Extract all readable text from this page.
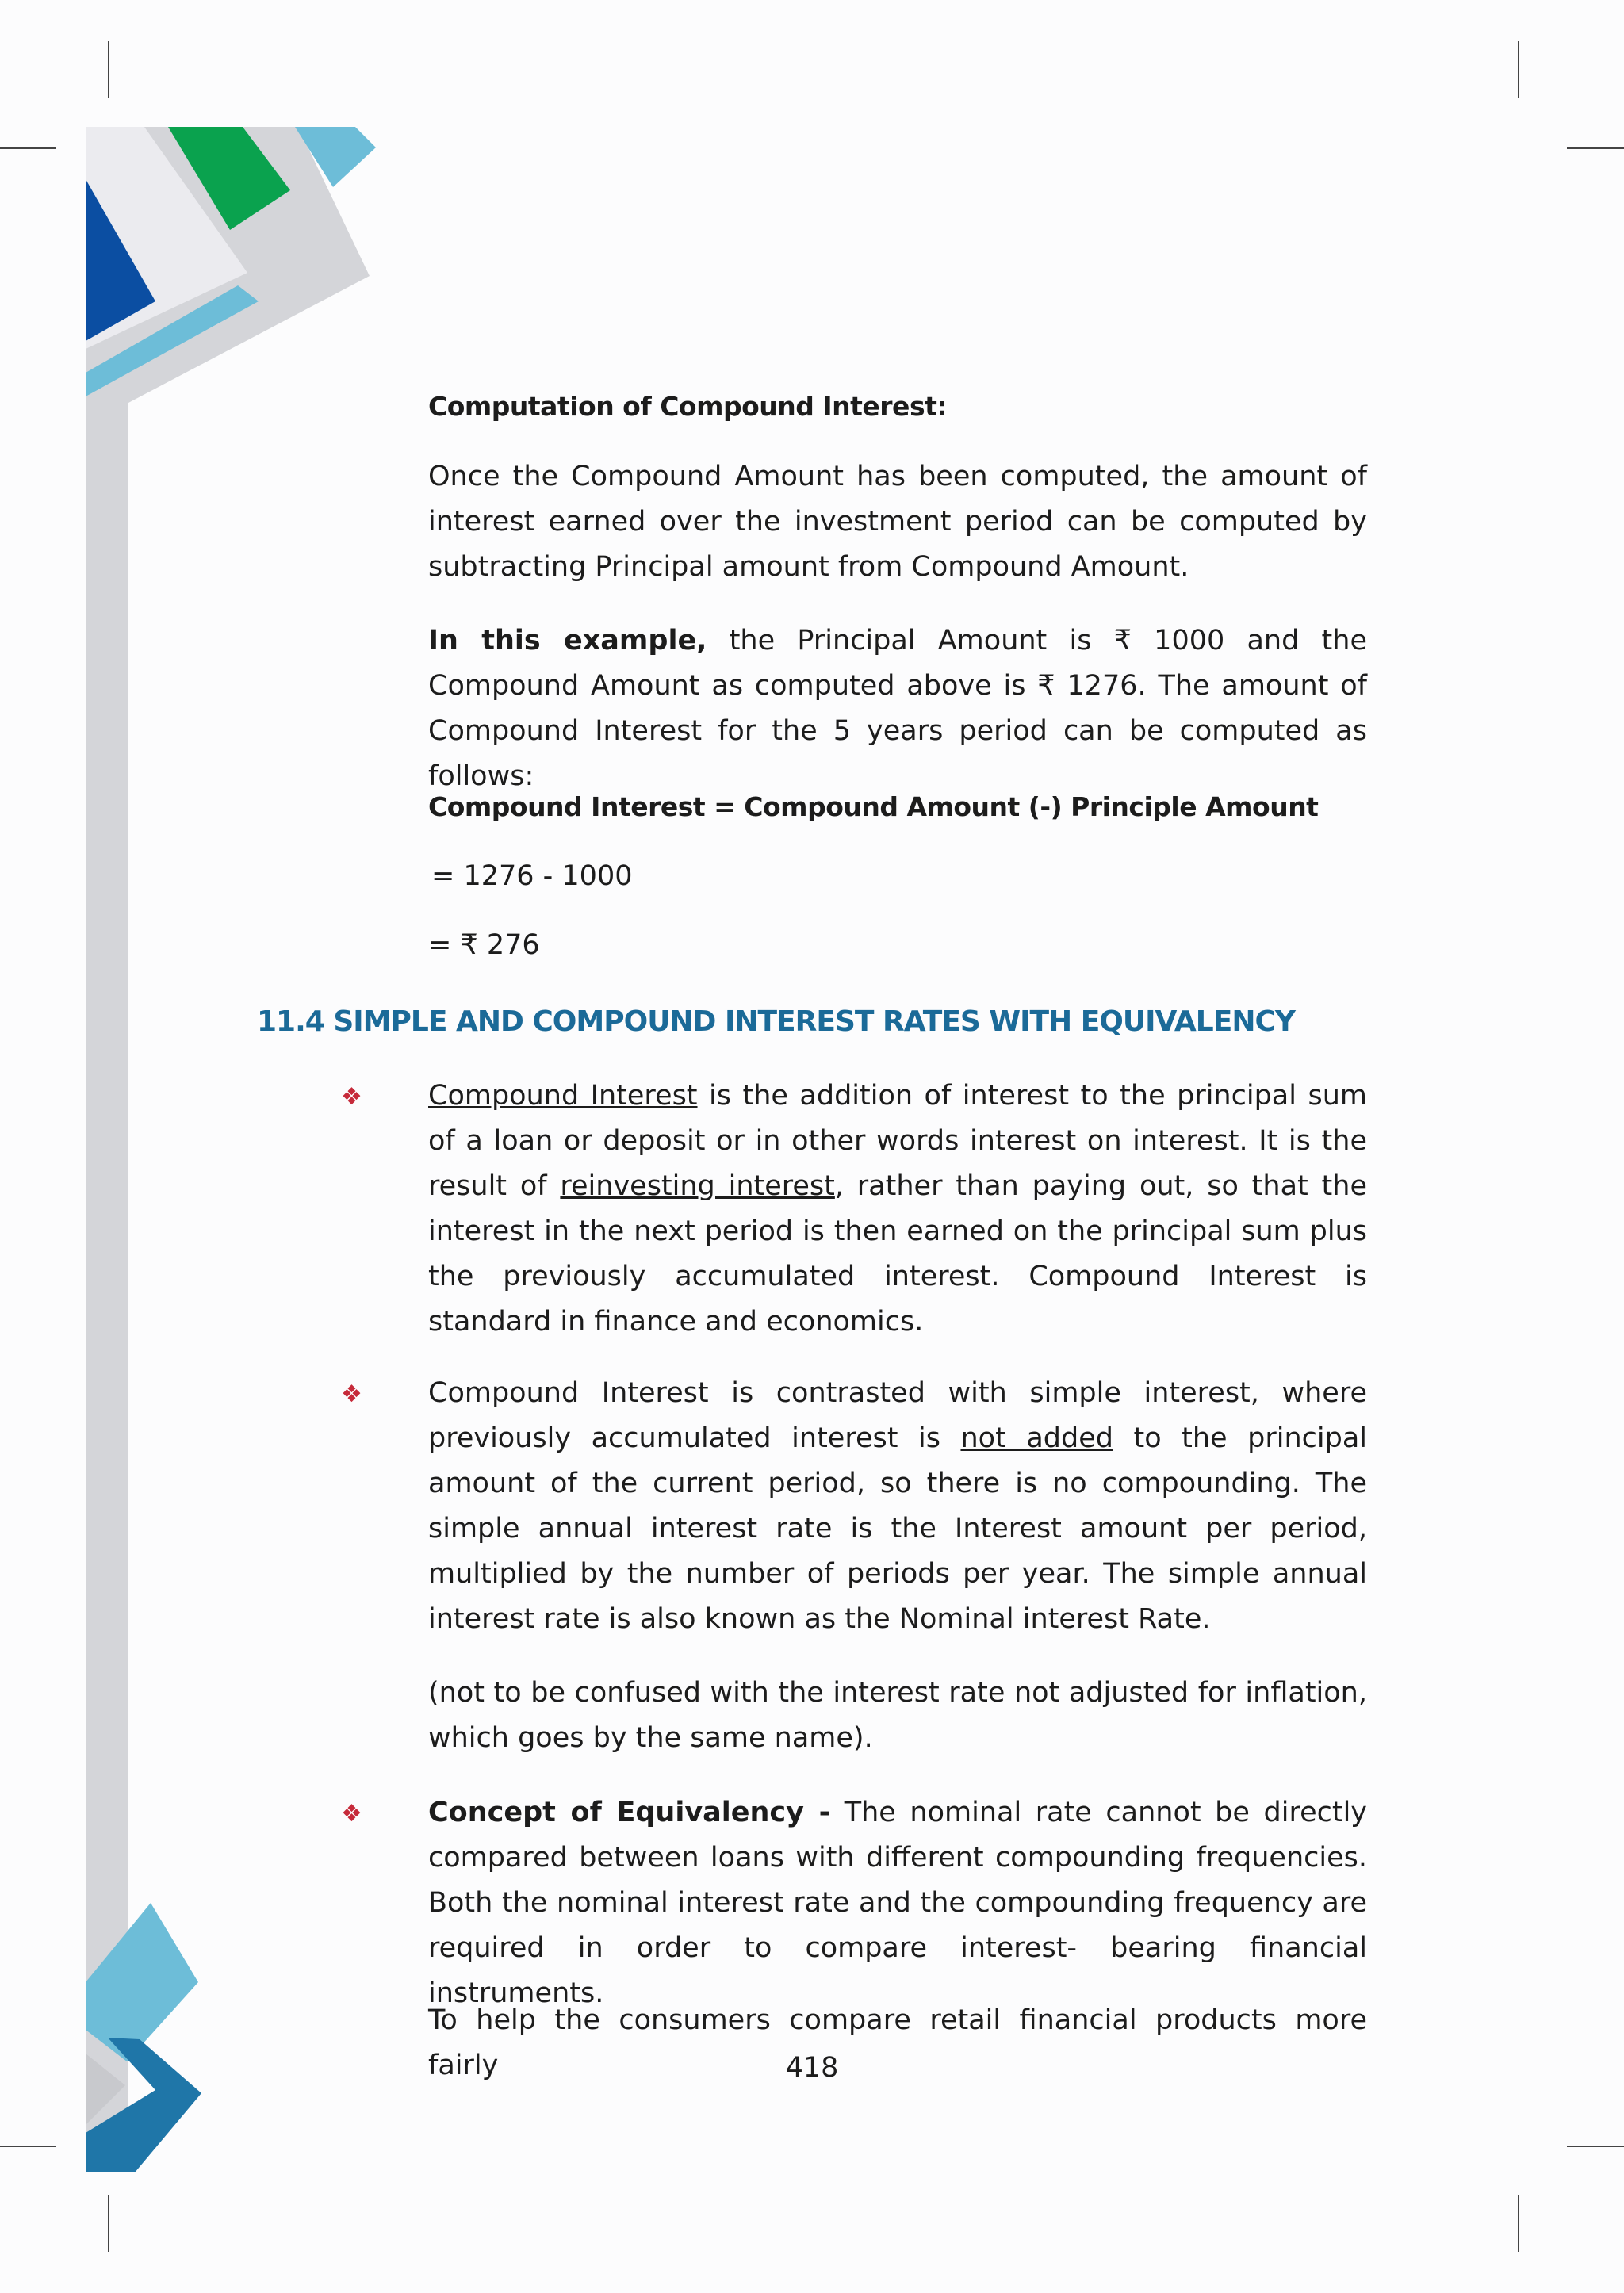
Computation of Compound Interest:

Once the Compound Amount has been computed, the amount of interest earned over the investment period can be computed by subtracting Principal amount from Compound Amount.

In this example, the Principal Amount is ₹ 1000 and the Compound Amount as computed above is ₹ 1276. The amount of Compound Interest for the 5 years period can be computed as follows:

Compound Interest = Compound Amount (-) Principle Amount
= 1276 - 1000
= ₹ 276
11.4 SIMPLE AND COMPOUND INTEREST RATES WITH EQUIVALENCY
❖ Compound Interest is the addition of interest to the principal sum of a loan or deposit or in other words interest on interest. It is the result of reinvesting interest, rather than paying out, so that the interest in the next period is then earned on the principal sum plus the previously accumulated interest. Compound Interest is standard in finance and economics.

❖ Compound Interest is contrasted with simple interest, where previously accumulated interest is not added to the principal amount of the current period, so there is no compounding. The simple annual interest rate is the Interest amount per period, multiplied by the number of periods per year. The simple annual interest rate is also known as the Nominal interest Rate.

(not to be confused with the interest rate not adjusted for inflation, which goes by the same name).

❖ Concept of Equivalency - The nominal rate cannot be directly compared between loans with different compounding frequencies. Both the nominal interest rate and the compounding frequency are required in order to compare interest- bearing financial instruments.

To help the consumers compare retail financial products more fairly	418
